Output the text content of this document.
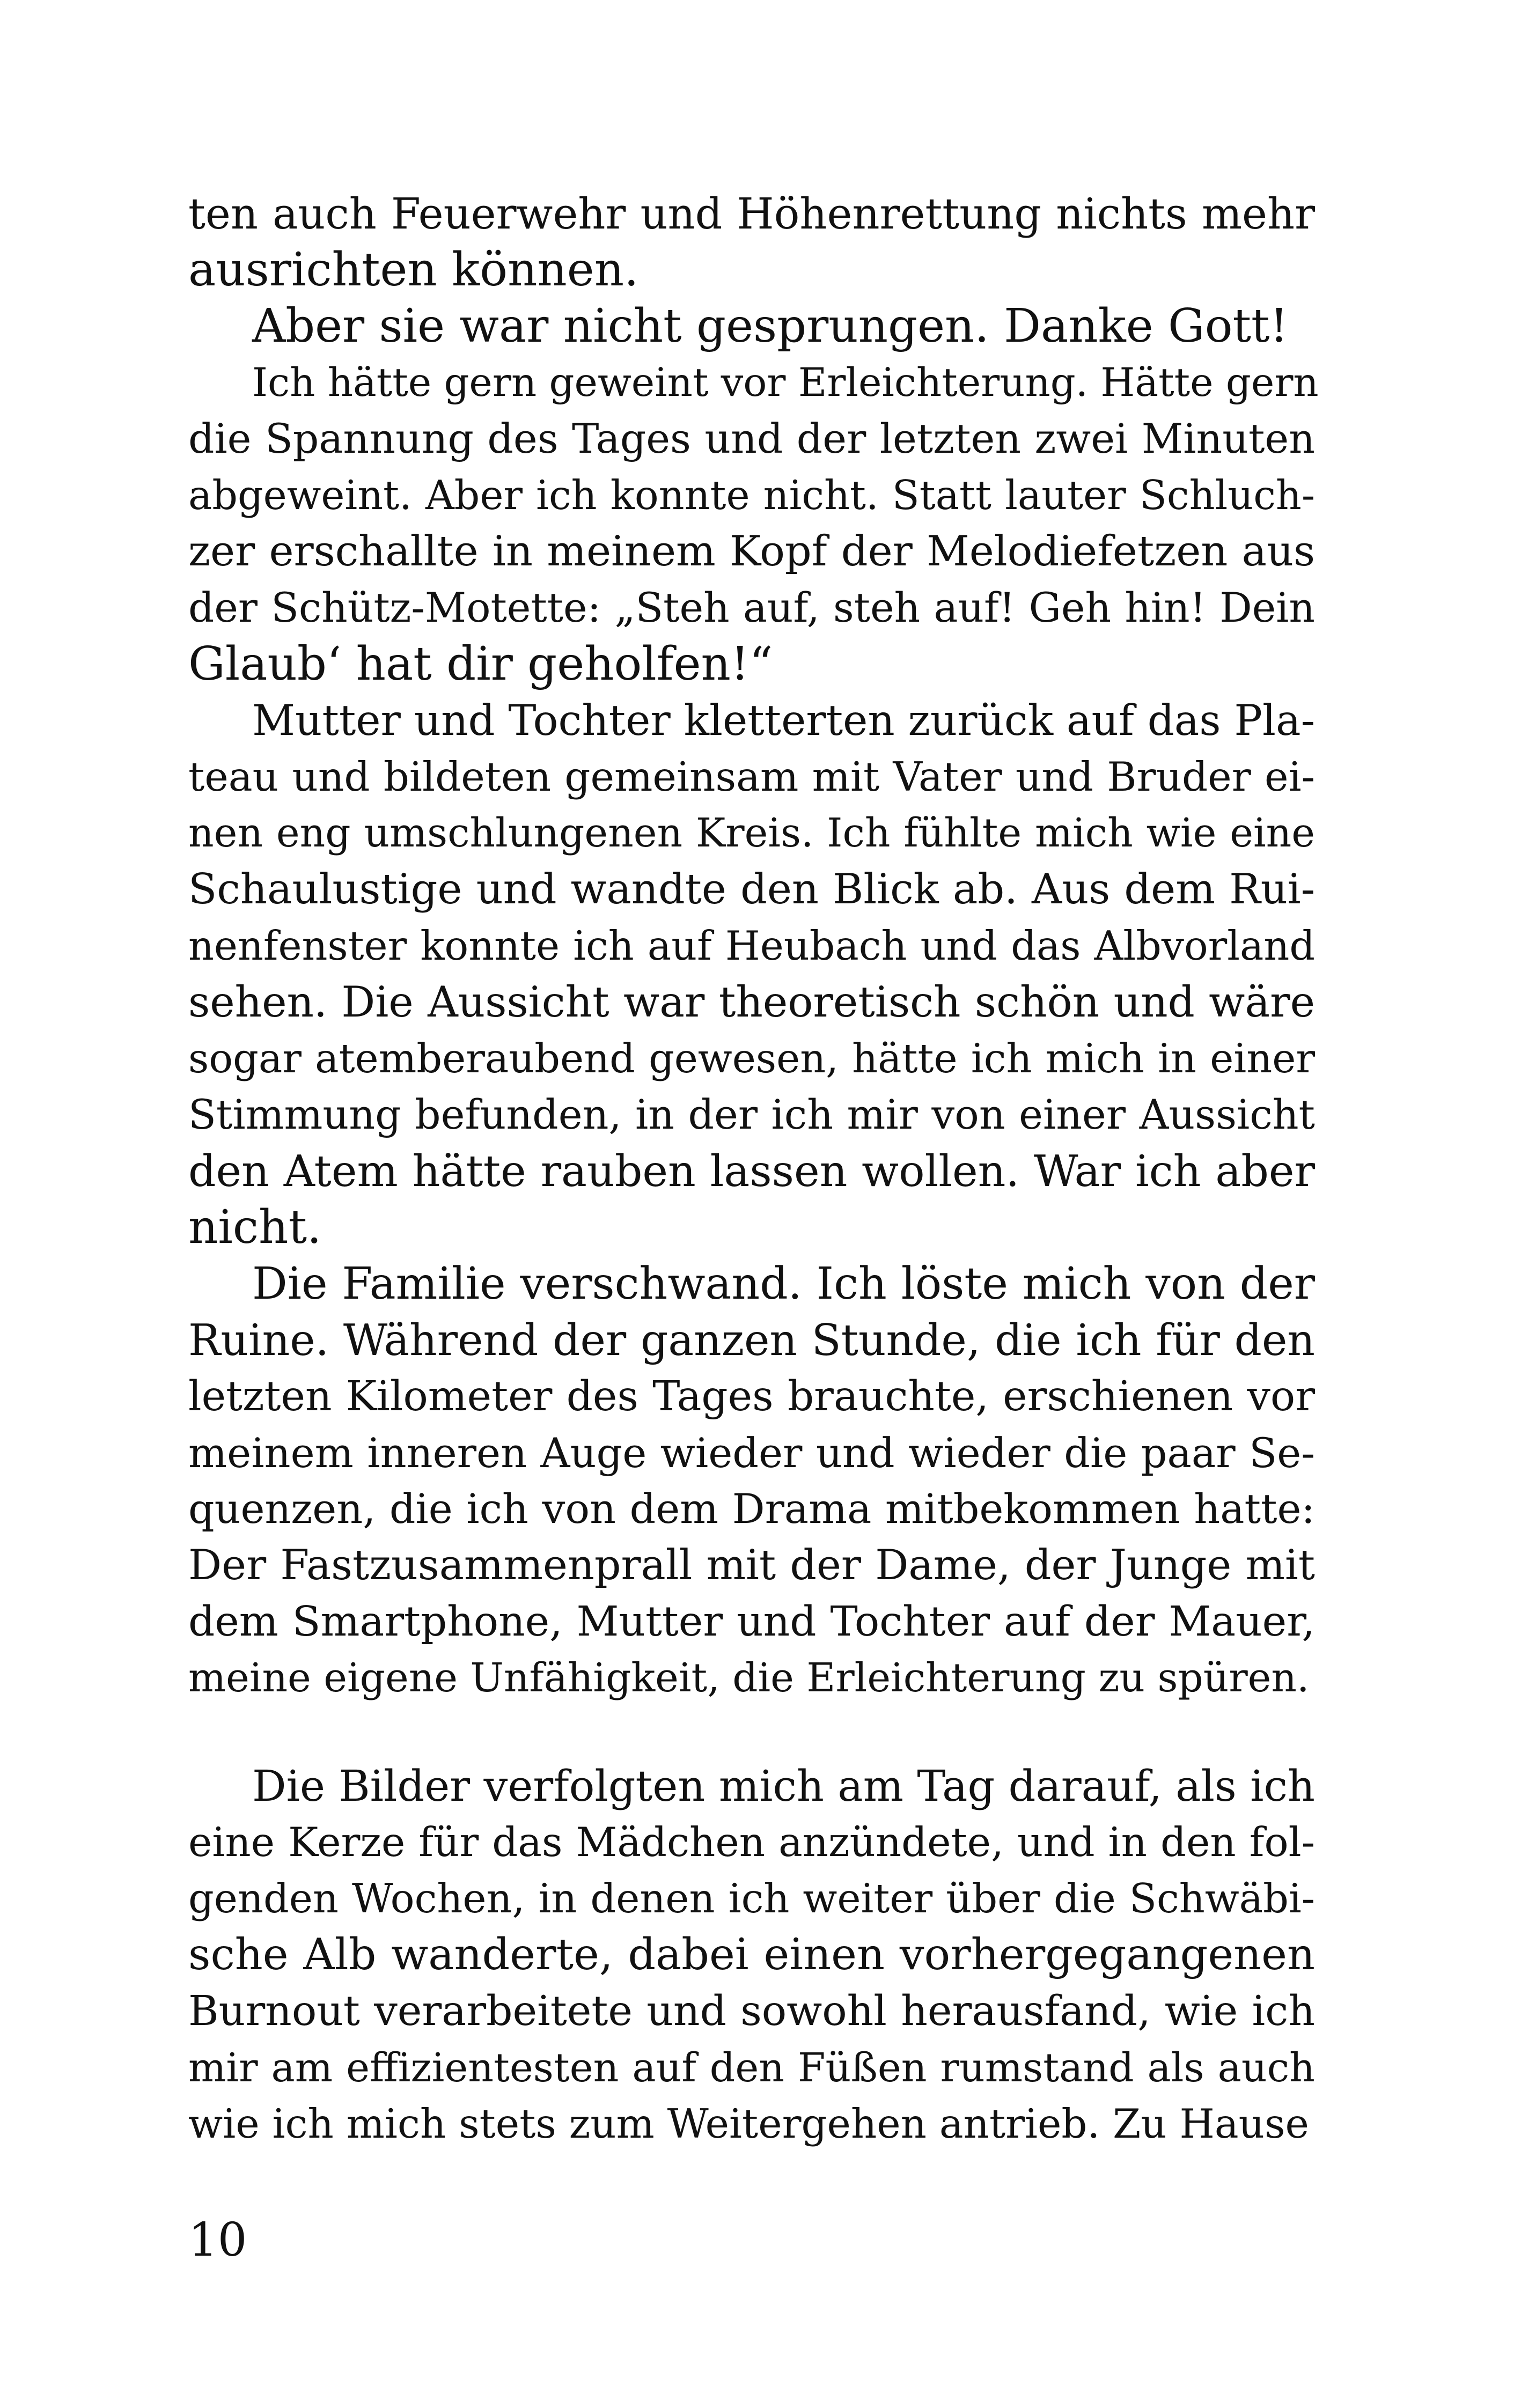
ten auch Feuerwehr und Höhenrettung nichts mehr
ausrichten können.
Aber sie war nicht gesprungen. Danke Gott!
Ich hätte gern geweint vor Erleichterung. Hätte gern
die Spannung des Tages und der letzten zwei Minuten
abgeweint. Aber ich konnte nicht. Statt lauter Schluch-
zer erschallte in meinem Kopf der Melodiefetzen aus
der Schütz-Motette: „Steh auf, steh auf! Geh hin! Dein
Glaub‘ hat dir geholfen!“
Mutter und Tochter kletterten zurück auf das Pla-
teau und bildeten gemeinsam mit Vater und Bruder ei-
nen eng umschlungenen Kreis. Ich fühlte mich wie eine
Schaulustige und wandte den Blick ab. Aus dem Rui-
nenfenster konnte ich auf Heubach und das Albvorland
sehen. Die Aussicht war theoretisch schön und wäre
sogar atemberaubend gewesen, hätte ich mich in einer
Stimmung befunden, in der ich mir von einer Aussicht
den Atem hätte rauben lassen wollen. War ich aber
nicht.
Die Familie verschwand. Ich löste mich von der
Ruine. Während der ganzen Stunde, die ich für den
letzten Kilometer des Tages brauchte, erschienen vor
meinem inneren Auge wieder und wieder die paar Se-
quenzen, die ich von dem Drama mitbekommen hatte:
Der Fastzusammenprall mit der Dame, der Junge mit
dem Smartphone, Mutter und Tochter auf der Mauer,
meine eigene Unfähigkeit, die Erleichterung zu spüren.
Die Bilder verfolgten mich am Tag darauf, als ich
eine Kerze für das Mädchen anzündete, und in den fol-
genden Wochen, in denen ich weiter über die Schwäbi-
sche Alb wanderte, dabei einen vorhergegangenen
Burnout verarbeitete und sowohl herausfand, wie ich
mir am effizientesten auf den Füßen rumstand als auch
wie ich mich stets zum Weitergehen antrieb. Zu Hause
10
